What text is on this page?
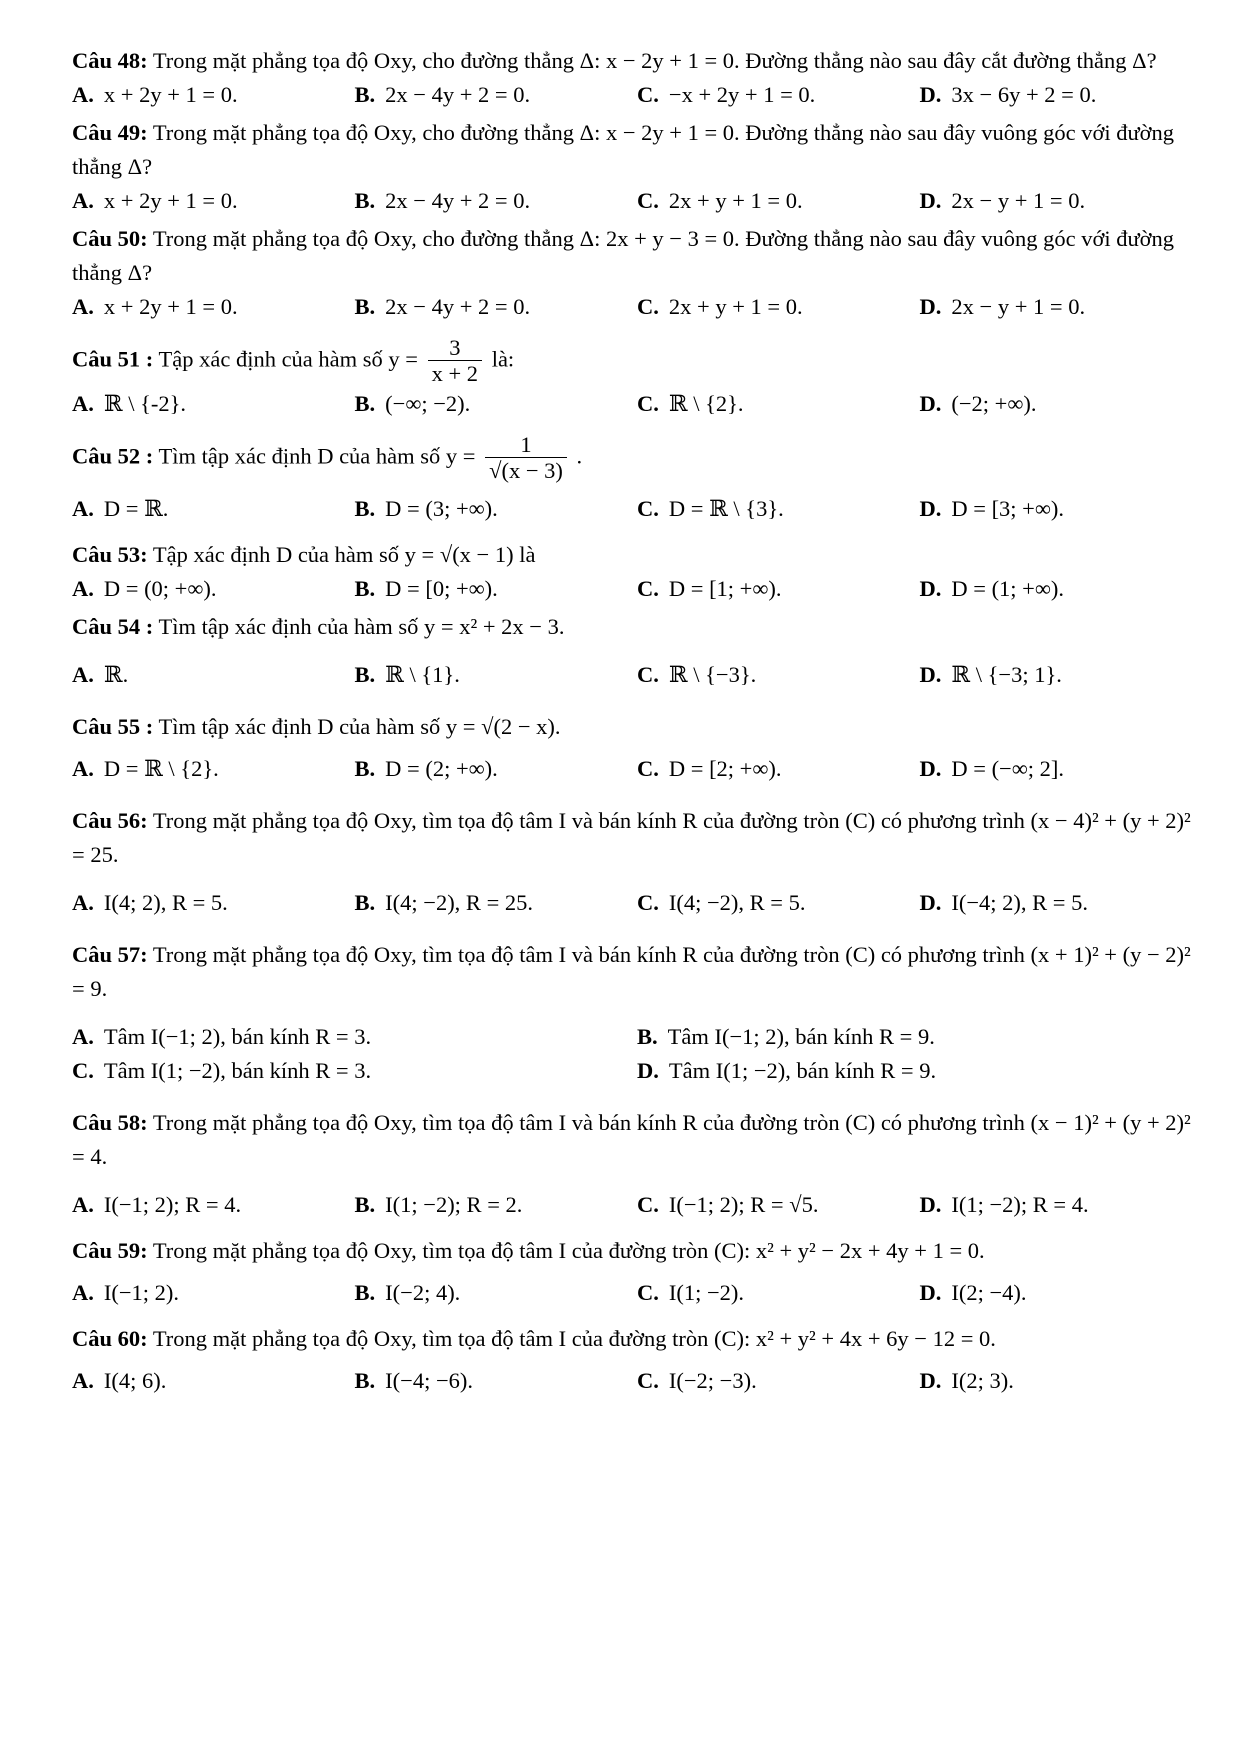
Câu 48: Trong mặt phẳng tọa độ Oxy, cho đường thẳng Δ: x − 2y + 1 = 0. Đường thẳng nào sau đây cắt đường thẳng Δ?
A. x + 2y + 1 = 0.	B. 2x − 4y + 2 = 0.	C. −x + 2y + 1 = 0.	D. 3x − 6y + 2 = 0.
Câu 49: Trong mặt phẳng tọa độ Oxy, cho đường thẳng Δ: x − 2y + 1 = 0. Đường thẳng nào sau đây vuông góc với đường thẳng Δ?
A. x + 2y + 1 = 0.	B. 2x − 4y + 2 = 0.	C. 2x + y + 1 = 0.	D. 2x − y + 1 = 0.
Câu 50: Trong mặt phẳng tọa độ Oxy, cho đường thẳng Δ: 2x + y − 3 = 0. Đường thẳng nào sau đây vuông góc với đường thẳng Δ?
A. x + 2y + 1 = 0.	B. 2x − 4y + 2 = 0.	C. 2x + y + 1 = 0.	D. 2x − y + 1 = 0.
Câu 51 : Tập xác định của hàm số $y = \frac{3}{x + 2}$ là:
A. ℝ \ {-2}.	B. (−∞; −2).	C. ℝ \ {2}.	D. (−2; +∞).
Câu 52 : Tìm tập xác định D của hàm số $y = \frac{1}{√(x - 3)}$ .
A. D = ℝ.	B. D = (3; +∞).	C. D = ℝ \ {3}.	D. D = [3; +∞).
Câu 53: Tập xác định D của hàm số y = √(x − 1) là
A. D = (0; +∞).	B. D = [0; +∞).	C. D = [1; +∞).	D. D = (1; +∞).
Câu 54 : Tìm tập xác định của hàm số y = x² + 2x − 3.
A. ℝ.	B. ℝ \ {1}.	C. ℝ \ {−3}.	D. ℝ \ {−3; 1}.
Câu 55 : Tìm tập xác định D của hàm số y = √(2 − x).
A. D = ℝ \ {2}.	B. D = (2; +∞).	C. D = [2; +∞).	D. D = (−∞; 2].
Câu 56: Trong mặt phẳng tọa độ Oxy, tìm tọa độ tâm I và bán kính R của đường tròn (C) có phương trình (x − 4)² + (y + 2)² = 25.
A. I(4; 2), R = 5.	B. I(4; −2), R = 25.	C. I(4; −2), R = 5.	D. I(−4; 2), R = 5.
Câu 57: Trong mặt phẳng tọa độ Oxy, tìm tọa độ tâm I và bán kính R của đường tròn (C) có phương trình (x + 1)² + (y − 2)² = 9.
A. Tâm I(−1; 2), bán kính R = 3.	B. Tâm I(−1; 2), bán kính R = 9.
C. Tâm I(1; −2), bán kính R = 3.	D. Tâm I(1; −2), bán kính R = 9.
Câu 58: Trong mặt phẳng tọa độ Oxy, tìm tọa độ tâm I và bán kính R của đường tròn (C) có phương trình (x − 1)² + (y + 2)² = 4.
A. I(−1; 2); R = 4.	B. I(1; −2); R = 2.	C. I(−1; 2); R = √5.	D. I(1; −2); R = 4.
Câu 59: Trong mặt phẳng tọa độ Oxy, tìm tọa độ tâm I của đường tròn (C): x² + y² − 2x + 4y + 1 = 0.
A. I(−1; 2).	B. I(−2; 4).	C. I(1; −2).	D. I(2; −4).
Câu 60: Trong mặt phẳng tọa độ Oxy, tìm tọa độ tâm I của đường tròn (C): x² + y² + 4x + 6y − 12 = 0.
A. I(4; 6).	B. I(−4; −6).	C. I(−2; −3).	D. I(2; 3).
